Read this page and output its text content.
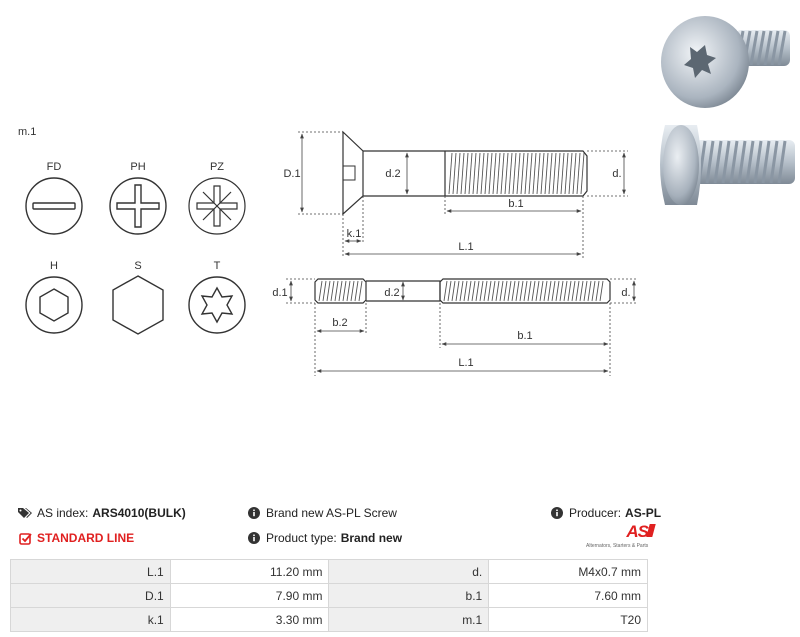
m.1
FD	PH	PZ
H	S	T
D.1	d.2	d.
b.1
k.1
L.1
d.1	d.2	d.
b.2
b.1
L.1
AS index: ARS4010(BULK)
STANDARD LINE
Brand new AS-PL Screw
Product type: Brand new
Producer: AS-PL
AS
Alternators, Starters & Parts
L.1	11.20 mm	d.	M4x0.7 mm
D.1	7.90 mm	b.1	7.60 mm
k.1	3.30 mm	m.1	T20
